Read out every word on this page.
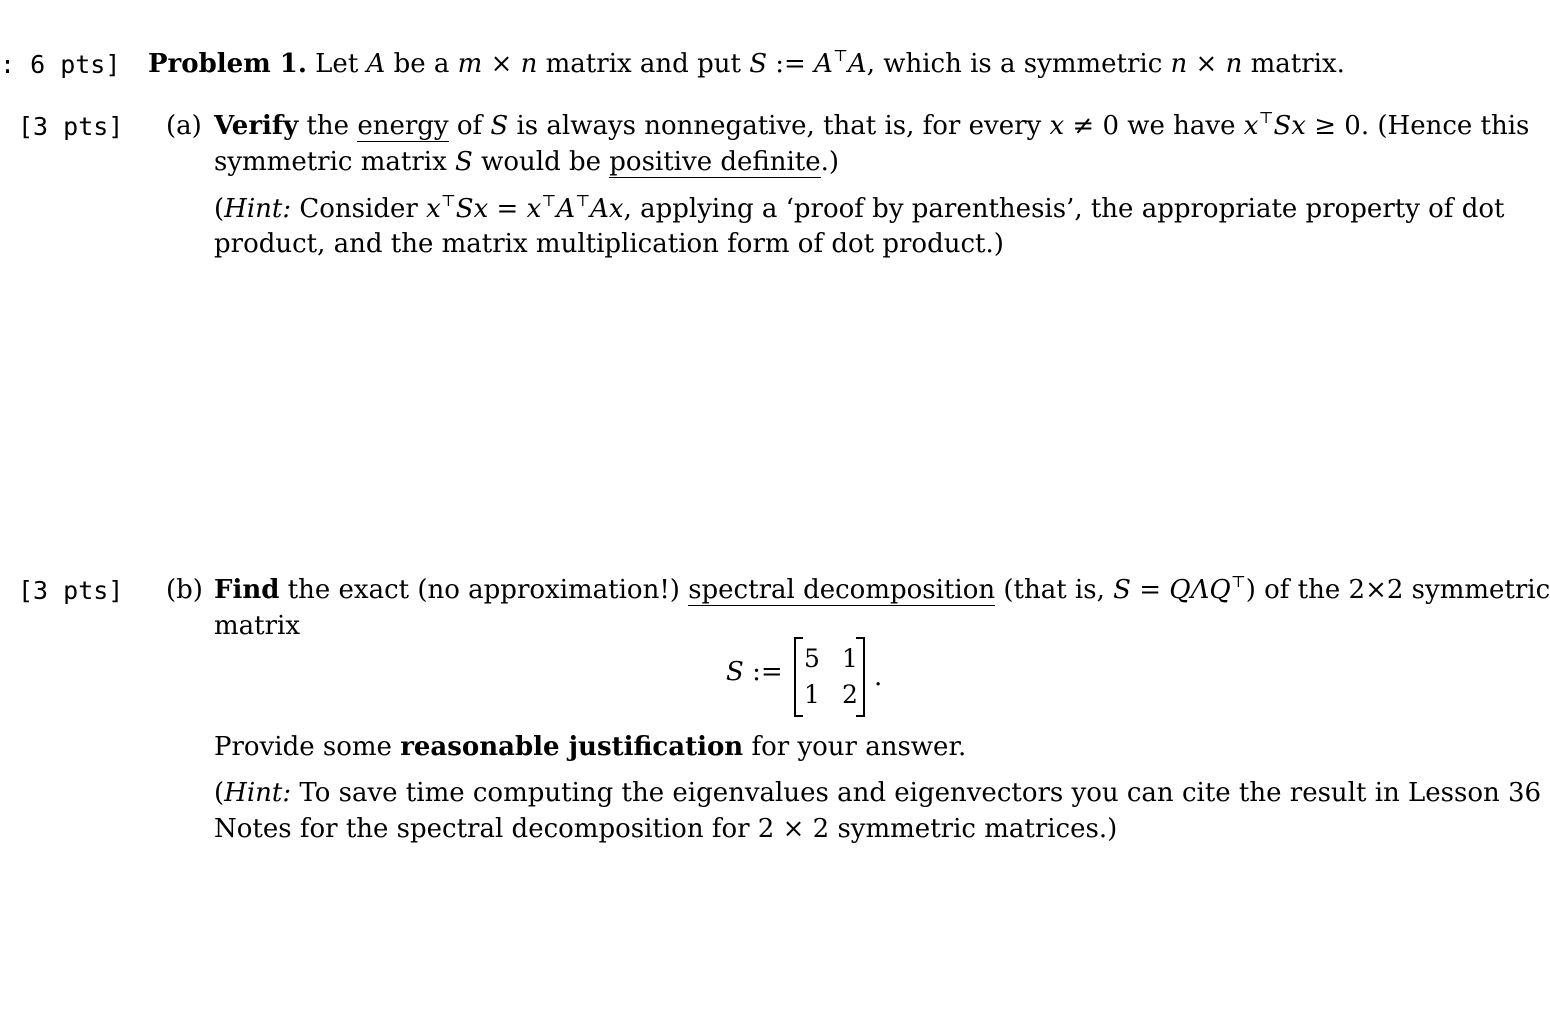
: 6 pts] Problem 1. Let A be a m × n matrix and put S := A⊤A, which is a symmetric n × n matrix.
[3 pts] (a) Verify the energy of S is always nonnegative, that is, for every x ≠ 0 we have x⊤Sx ≥ 0. (Hence this
symmetric matrix S would be positive definite.)
(Hint: Consider x⊤Sx = x⊤A⊤Ax, applying a ‘proof by parenthesis’, the appropriate property of dot
product, and the matrix multiplication form of dot product.)
[3 pts] (b) Find the exact (no approximation!) spectral decomposition (that is, S = QΛQ⊤) of the 2×2 symmetric
matrix
S := 5 1
1 2
.
Provide some reasonable justification for your answer.
(Hint: To save time computing the eigenvalues and eigenvectors you can cite the result in Lesson 36
Notes for the spectral decomposition for 2 × 2 symmetric matrices.)
